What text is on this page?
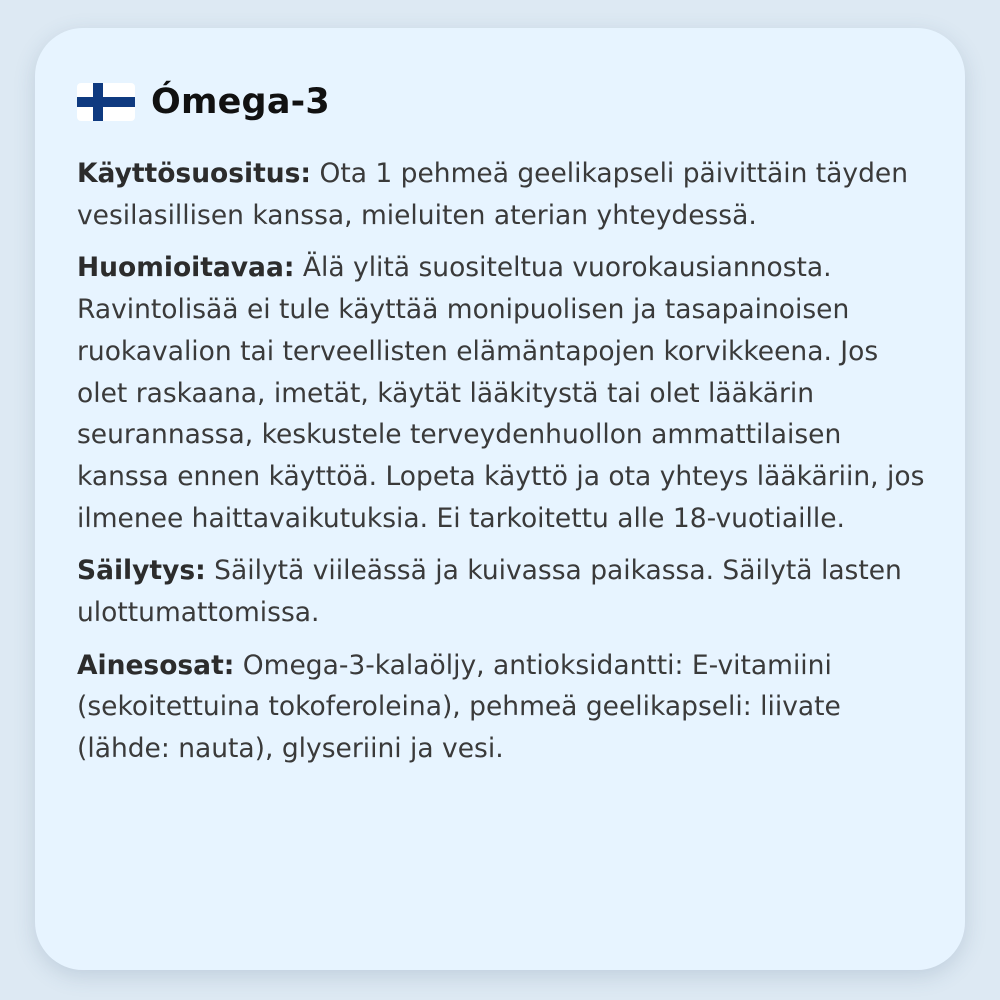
Ómega-3

Käyttösuositus: Ota 1 pehmeä geelikapseli päivittäin täyden vesilasillisen kanssa, mieluiten aterian yhteydessä.

Huomioitavaa: Älä ylitä suositeltua vuorokausiannosta. Ravintolisää ei tule käyttää monipuolisen ja tasapainoisen ruokavalion tai terveellisten elämäntapojen korvikkeena. Jos olet raskaana, imetät, käytät lääkitystä tai olet lääkärin seurannassa, keskustele terveydenhuollon ammattilaisen kanssa ennen käyttöä. Lopeta käyttö ja ota yhteys lääkäriin, jos ilmenee haittavaikutuksia. Ei tarkoitettu alle 18-vuotiaille.

Säilytys: Säilytä viileässä ja kuivassa paikassa. Säilytä lasten ulottumattomissa.

Ainesosat: Omega-3-kalaöljy, antioksidantti: E-vitamiini (sekoitettuina tokoferoleina), pehmeä geelikapseli: liivate (lähde: nauta), glyseriini ja vesi.
